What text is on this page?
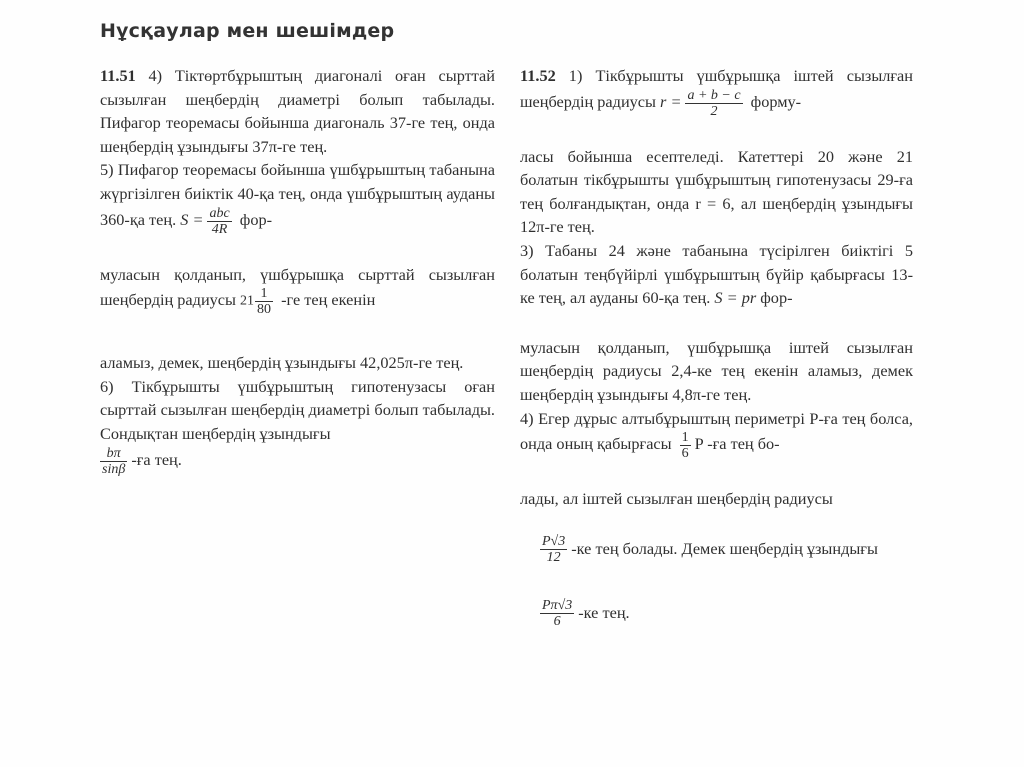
Нұсқаулар мен шешімдер

11.51 4) Тіктөртбұрыштың диагоналі оған сырттай сызылған шеңбердің диаметрі болып табылады. Пифагор теоремасы бойынша диагональ 37-ге тең, онда шеңбердің ұзындығы 37π-ге тең.

5) Пифагор теоремасы бойынша үшбұрыштың табанына жүргізілген биіктік 40-қа тең, онда үшбұрыштың ауданы 360-қа тең. $S = \frac{\text{abc}}{4R} фор-$

муласын қолданып, үшбұрышқа сырттай сызылған шеңбердің радиусы $21 \frac{1}{80} -ге$ тең екенін

аламыз, демек, шеңбердің ұзындығы 42,025π-ге тең.

6) Тікбұрышты үшбұрыштың гипотенузасы оған сырттай сызылған шеңбердің диаметрі болып табылады. Сондықтан шеңбердің ұзындығы

$\frac{b\pi}{\sin\beta} -ға$ тең.

11.52 1) Тікбұрышты үшбұрышқа іштей сызылған шеңбердің радиусы $r = \frac{a + b - c}{2}$ форму-

ласы бойынша есептеледі. Катеттері 20 және 21 болатын тікбұрышты үшбұрыштың гипотенузасы 29-ға тең болғандықтан, онда r = 6, ал шеңбердің ұзындығы 12π-ге тең.

3) Табаны 24 және табанына түсірілген биіктігі 5 болатын теңбүйірлі үшбұрыштың бүйір қабырғасы 13-ке тең, ал ауданы 60-қа тең. S = pr фор-

муласын қолданып, үшбұрышқа іштей сызылған шеңбердің радиусы 2,4-ке тең екенін аламыз, демек шеңбердің ұзындығы 4,8π-ге тең.

4) Егер дұрыс алтыбұрыштың периметрі P-ға тең болса, онда оның қабырғасы $\frac{1}{6}$ P -ға тең бо-

лады, ал іштей сызылған шеңбердің радиусы

$\frac{P√3}{12} -ке$ тең болады. Демек шеңбердің ұзындығы

$\frac{P\pi√3}{6} -ке$ тең.
